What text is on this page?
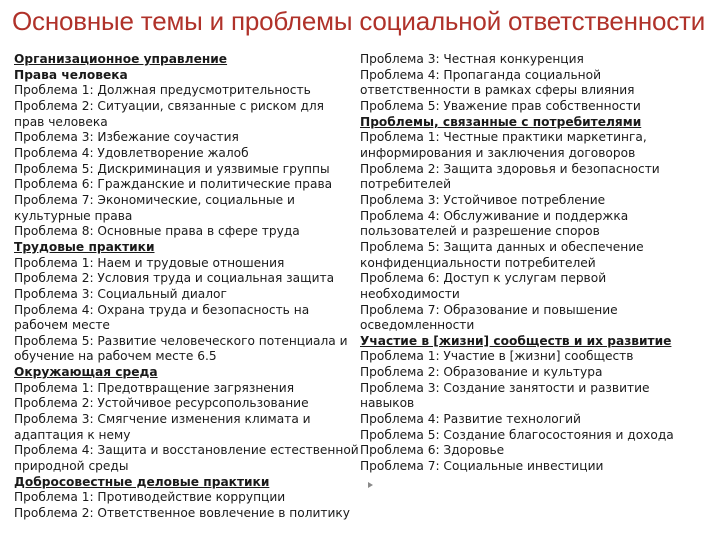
Основные темы и проблемы социальной ответственности
Организационное управление
Права человека
Проблема 1: Должная предусмотрительность
Проблема 2: Ситуации, связанные с риском для
прав человека
Проблема 3: Избежание соучастия
Проблема 4: Удовлетворение жалоб
Проблема 5: Дискриминация и уязвимые группы
Проблема 6: Гражданские и политические права
Проблема 7: Экономические, социальные и
культурные права
Проблема 8: Основные права в сфере труда
Трудовые практики
Проблема 1: Наем и трудовые отношения
Проблема 2: Условия труда и социальная защита
Проблема 3: Социальный диалог
Проблема 4: Охрана труда и безопасность на
рабочем месте
Проблема 5: Развитие человеческого потенциала и
обучение на рабочем месте 6.5
Окружающая среда
Проблема 1: Предотвращение загрязнения
Проблема 2: Устойчивое ресурсопользование
Проблема 3: Смягчение изменения климата и
адаптация к нему
Проблема 4: Защита и восстановление естественной
природной среды
Добросовестные деловые практики
Проблема 1: Противодействие коррупции
Проблема 2: Ответственное вовлечение в политику
Проблема 3: Честная конкуренция
Проблема 4: Пропаганда социальной
ответственности в рамках сферы влияния
Проблема 5: Уважение прав собственности
Проблемы, связанные с потребителями
Проблема 1: Честные практики маркетинга,
информирования и заключения договоров
Проблема 2: Защита здоровья и безопасности
потребителей
Проблема 3: Устойчивое потребление
Проблема 4: Обслуживание и поддержка
пользователей и разрешение споров
Проблема 5: Защита данных и обеспечение
конфиденциальности потребителей
Проблема 6: Доступ к услугам первой
необходимости
Проблема 7: Образование и повышение
осведомленности
Участие в [жизни] сообществ и их развитие
Проблема 1: Участие в [жизни] сообществ
Проблема 2: Образование и культура
Проблема 3: Создание занятости и развитие
навыков
Проблема 4: Развитие технологий
Проблема 5: Создание благосостояния и дохода
Проблема 6: Здоровье
Проблема 7: Социальные инвестиции
